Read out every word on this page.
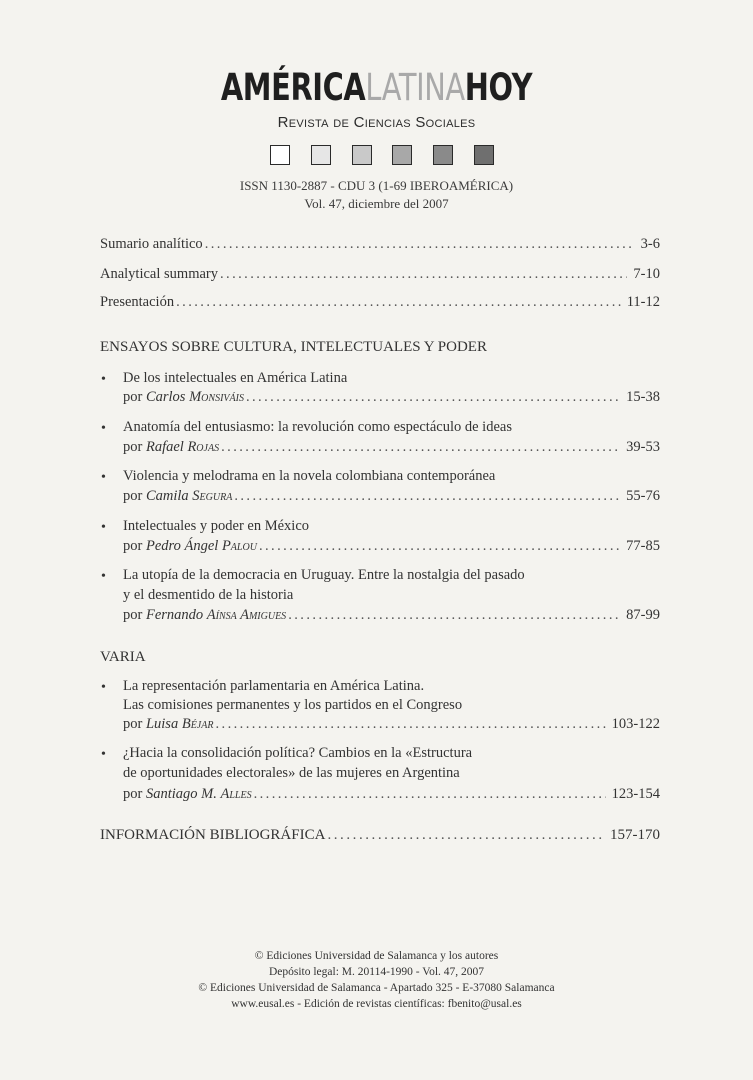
AMÉRICALATINAHOY
Revista de Ciencias Sociales
ISSN 1130-2887 - CDU 3 (1-69 IBEROAMÉRICA)
Vol. 47, diciembre del 2007
Sumario analítico . . .	3-6
Analytical summary . . .	7-10
Presentación . . .	11-12
ENSAYOS SOBRE CULTURA, INTELECTUALES Y PODER
• De los intelectuales en América Latina
por Carlos Monsiváis . . .	15-38
• Anatomía del entusiasmo: la revolución como espectáculo de ideas
por Rafael Rojas . . .	39-53
• Violencia y melodrama en la novela colombiana contemporánea
por Camila Segura . . .	55-76
• Intelectuales y poder en México
por Pedro Ángel Palou . . .	77-85
• La utopía de la democracia en Uruguay. Entre la nostalgia del pasado
y el desmentido de la historia
por Fernando Aínsa Amigues . . .	87-99
VARIA
• La representación parlamentaria en América Latina.
Las comisiones permanentes y los partidos en el Congreso
por Luisa Béjar . . .	103-122
• ¿Hacia la consolidación política? Cambios en la «Estructura
de oportunidades electorales» de las mujeres en Argentina
por Santiago M. Alles . . .	123-154
INFORMACIÓN BIBLIOGRÁFICA . . .	157-170
© Ediciones Universidad de Salamanca y los autores
Depósito legal: M. 20114-1990 - Vol. 47, 2007
© Ediciones Universidad de Salamanca - Apartado 325 - E-37080 Salamanca
www.eusal.es - Edición de revistas científicas: fbenito@usal.es
